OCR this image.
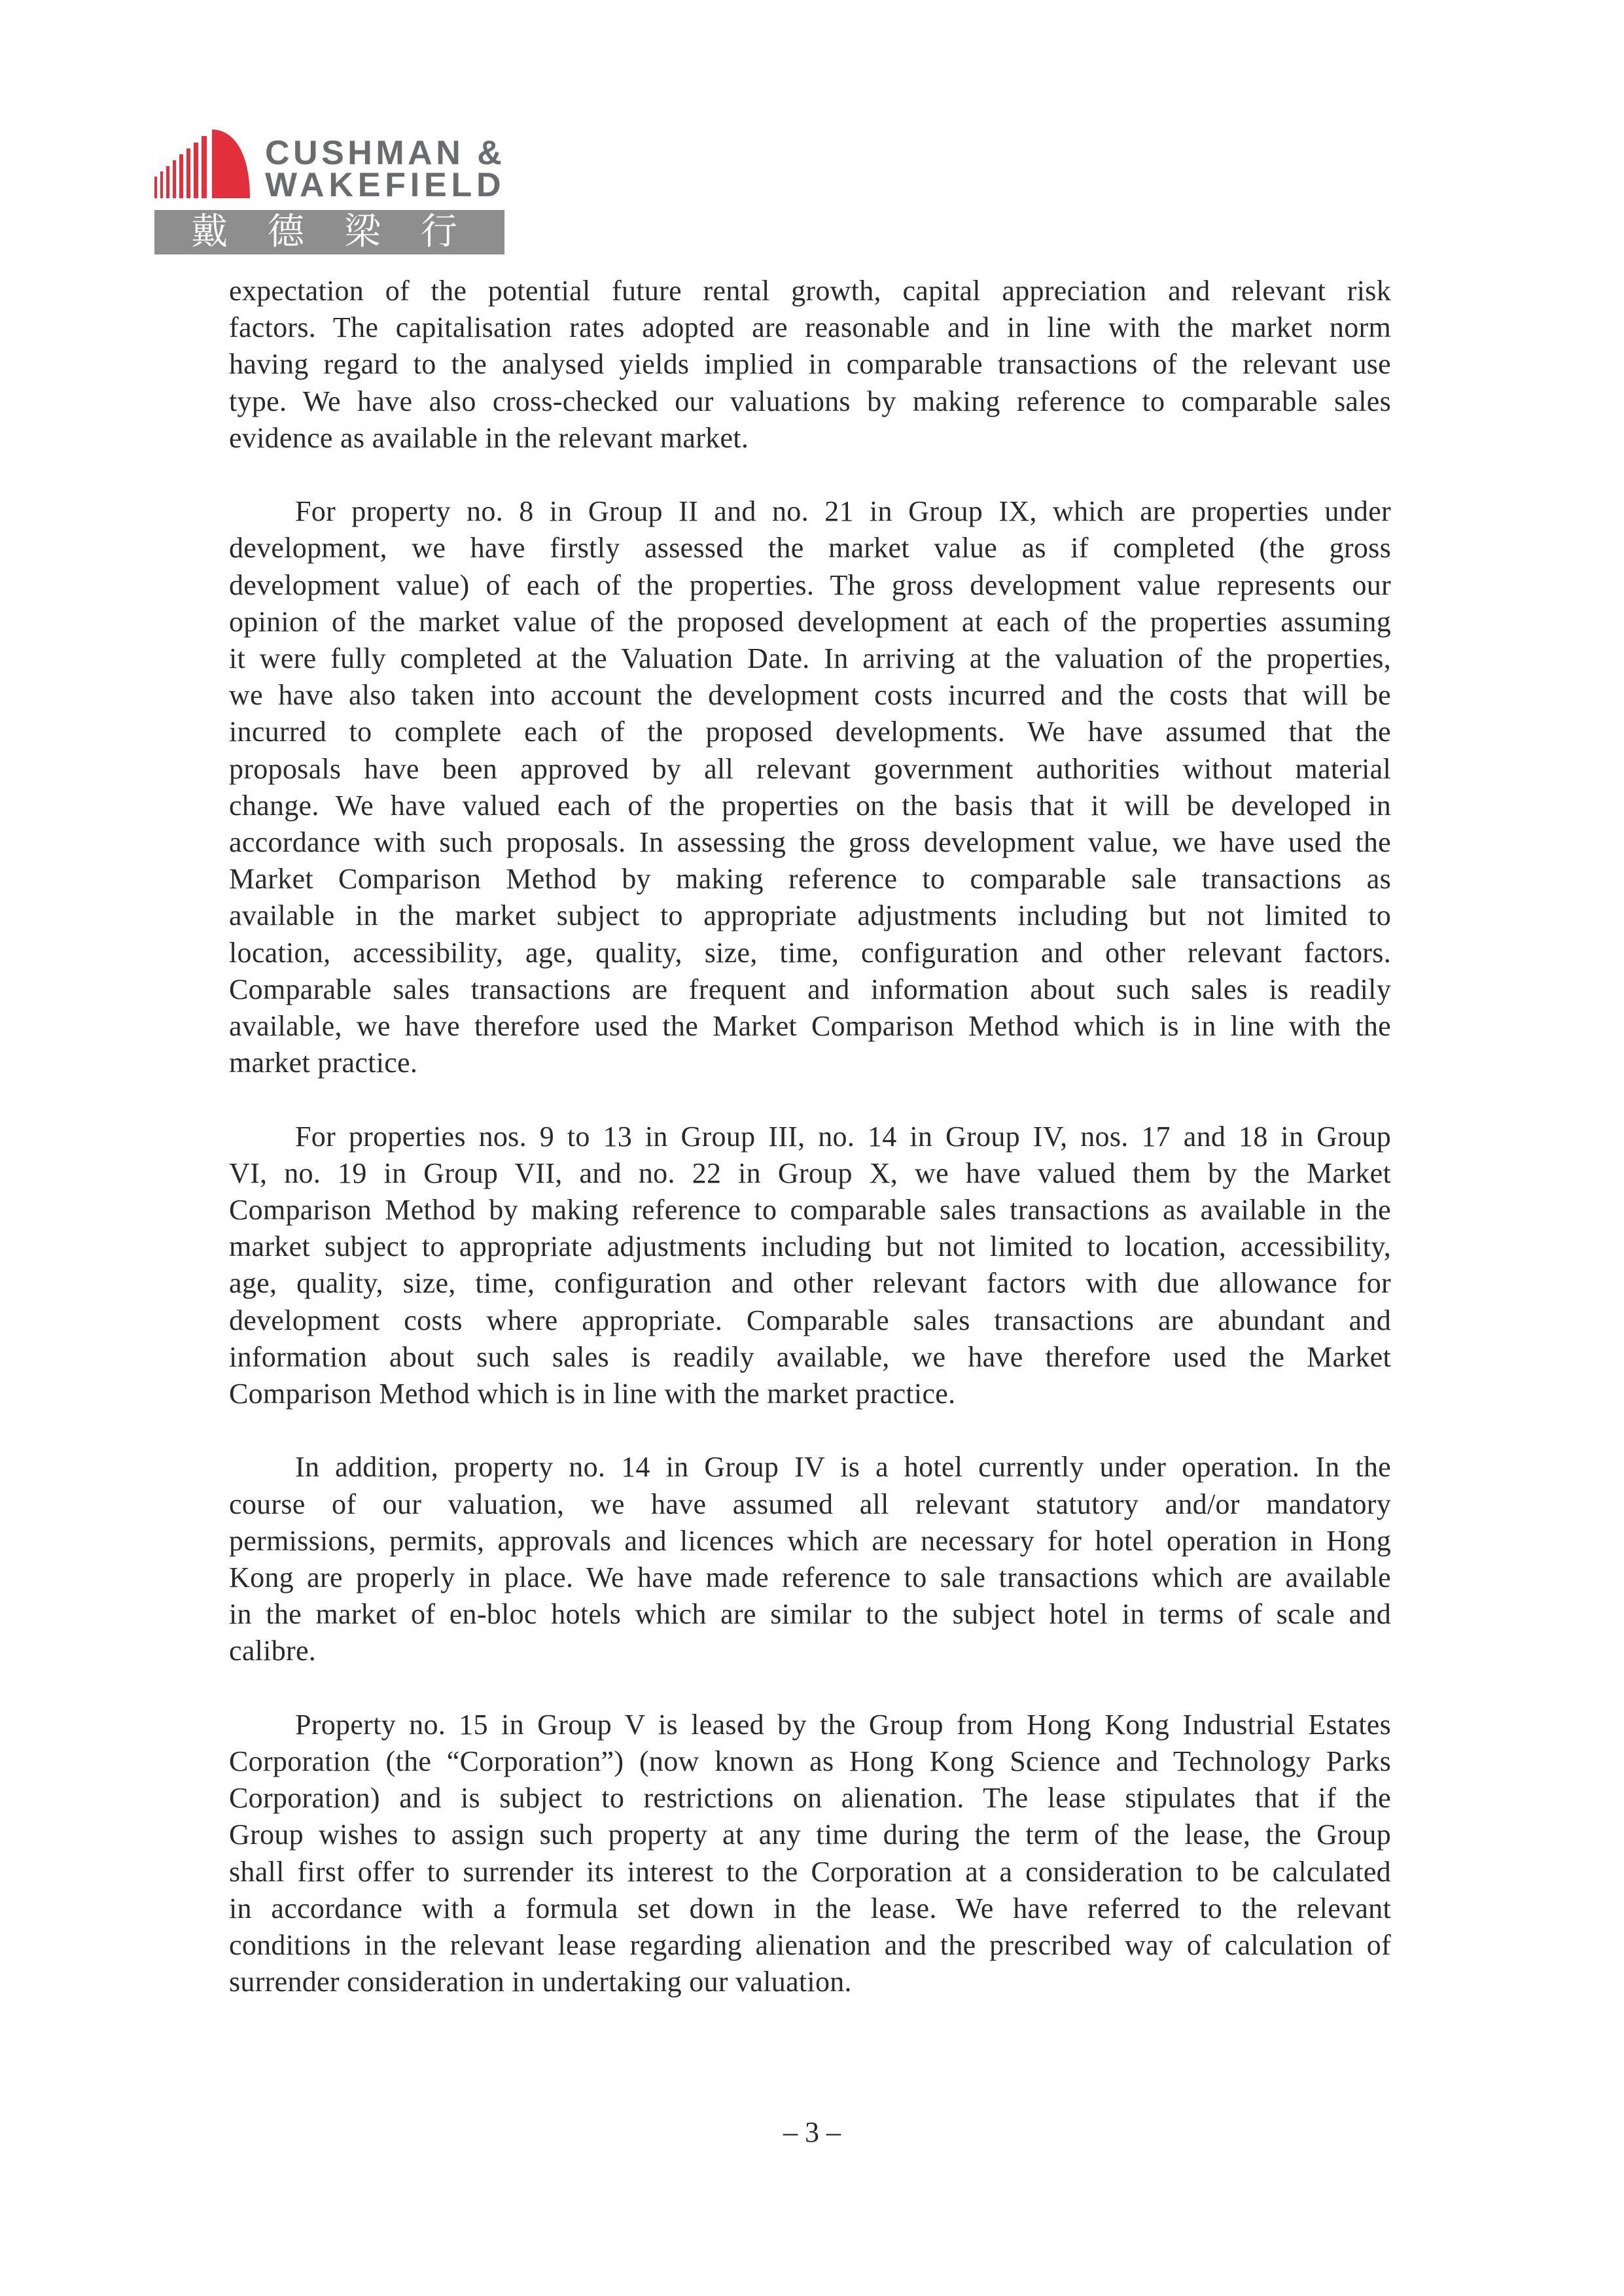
CUSHMAN &
WAKEFIELD
戴德梁行
expectation of the potential future rental growth, capital appreciation and relevant risk
factors. The capitalisation rates adopted are reasonable and in line with the market norm
having regard to the analysed yields implied in comparable transactions of the relevant use
type. We have also cross-checked our valuations by making reference to comparable sales
evidence as available in the relevant market.
For property no. 8 in Group II and no. 21 in Group IX, which are properties under
development, we have firstly assessed the market value as if completed (the gross
development value) of each of the properties. The gross development value represents our
opinion of the market value of the proposed development at each of the properties assuming
it were fully completed at the Valuation Date. In arriving at the valuation of the properties,
we have also taken into account the development costs incurred and the costs that will be
incurred to complete each of the proposed developments. We have assumed that the
proposals have been approved by all relevant government authorities without material
change. We have valued each of the properties on the basis that it will be developed in
accordance with such proposals. In assessing the gross development value, we have used the
Market Comparison Method by making reference to comparable sale transactions as
available in the market subject to appropriate adjustments including but not limited to
location, accessibility, age, quality, size, time, configuration and other relevant factors.
Comparable sales transactions are frequent and information about such sales is readily
available, we have therefore used the Market Comparison Method which is in line with the
market practice.
For properties nos. 9 to 13 in Group III, no. 14 in Group IV, nos. 17 and 18 in Group
VI, no. 19 in Group VII, and no. 22 in Group X, we have valued them by the Market
Comparison Method by making reference to comparable sales transactions as available in the
market subject to appropriate adjustments including but not limited to location, accessibility,
age, quality, size, time, configuration and other relevant factors with due allowance for
development costs where appropriate. Comparable sales transactions are abundant and
information about such sales is readily available, we have therefore used the Market
Comparison Method which is in line with the market practice.
In addition, property no. 14 in Group IV is a hotel currently under operation. In the
course of our valuation, we have assumed all relevant statutory and/or mandatory
permissions, permits, approvals and licences which are necessary for hotel operation in Hong
Kong are properly in place. We have made reference to sale transactions which are available
in the market of en-bloc hotels which are similar to the subject hotel in terms of scale and
calibre.
Property no. 15 in Group V is leased by the Group from Hong Kong Industrial Estates
Corporation (the “Corporation”) (now known as Hong Kong Science and Technology Parks
Corporation) and is subject to restrictions on alienation. The lease stipulates that if the
Group wishes to assign such property at any time during the term of the lease, the Group
shall first offer to surrender its interest to the Corporation at a consideration to be calculated
in accordance with a formula set down in the lease. We have referred to the relevant
conditions in the relevant lease regarding alienation and the prescribed way of calculation of
surrender consideration in undertaking our valuation.
– 3 –
